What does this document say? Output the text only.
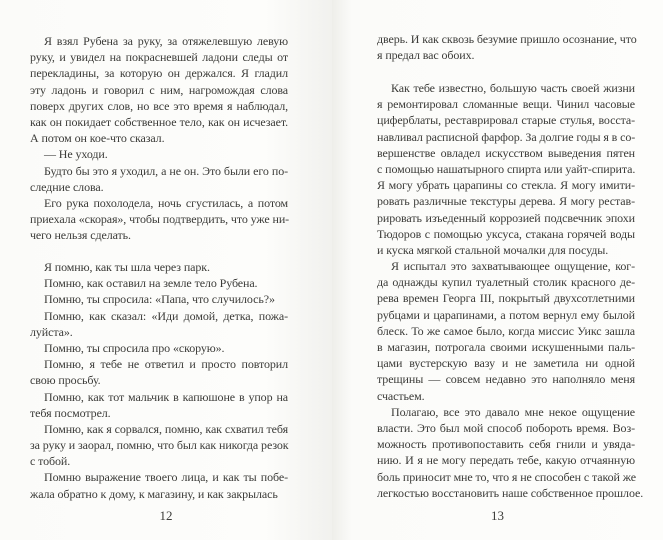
Я взял Рубена за руку, за отяжелевшую левую
руку, и увидел на покрасневшей ладони следы от
перекладины, за которую он держался. Я гладил
эту ладонь и говорил с ним, нагромождая слова
поверх других слов, но все это время я наблюдал,
как он покидает собственное тело, как он исчезает.
А потом он кое-что сказал.
— Не уходи.
Будто бы это я уходил, а не он. Это были его по-
следние слова.
Его рука похолодела, ночь сгустилась, а потом
приехала «скорая», чтобы подтвердить, что уже ни-
чего нельзя сделать.
Я помню, как ты шла через парк.
Помню, как оставил на земле тело Рубена.
Помню, ты спросила: «Папа, что случилось?»
Помню, как сказал: «Иди домой, детка, пожа-
луйста».
Помню, ты спросила про «скорую».
Помню, я тебе не ответил и просто повторил
свою просьбу.
Помню, как тот мальчик в капюшоне в упор на
тебя посмотрел.
Помню, как я сорвался, помню, как схватил тебя
за руку и заорал, помню, что был как никогда резок
с тобой.
Помню выражение твоего лица, и как ты побе-
жала обратно к дому, к магазину, и как закрылась
12
дверь. И как сквозь безумие пришло осознание, что
я предал вас обоих.
Как тебе известно, большую часть своей жизни
я ремонтировал сломанные вещи. Чинил часовые
циферблаты, реставрировал старые стулья, восста-
навливал расписной фарфор. За долгие годы я в со-
вершенстве овладел искусством выведения пятен
с помощью нашатырного спирта или уайт-спирита.
Я могу убрать царапины со стекла. Я могу имити-
ровать различные текстуры дерева. Я могу рестав-
рировать изъеденный коррозией подсвечник эпохи
Тюдоров с помощью уксуса, стакана горячей воды
и куска мягкой стальной мочалки для посуды.
Я испытал это захватывающее ощущение, ког-
да однажды купил туалетный столик красного де-
рева времен Георга III, покрытый двухсотлетними
рубцами и царапинами, а потом вернул ему былой
блеск. То же самое было, когда миссис Уикс зашла
в магазин, потрогала своими искушенными паль-
цами вустерскую вазу и не заметила ни одной
трещины — совсем недавно это наполняло меня
счастьем.
Полагаю, все это давало мне некое ощущение
власти. Это был мой способ побороть время. Воз-
можность противопоставить себя гнили и увяда-
нию. И я не могу передать тебе, какую отчаянную
боль приносит мне то, что я не способен с такой же
легкостью восстановить наше собственное прошлое.
13
